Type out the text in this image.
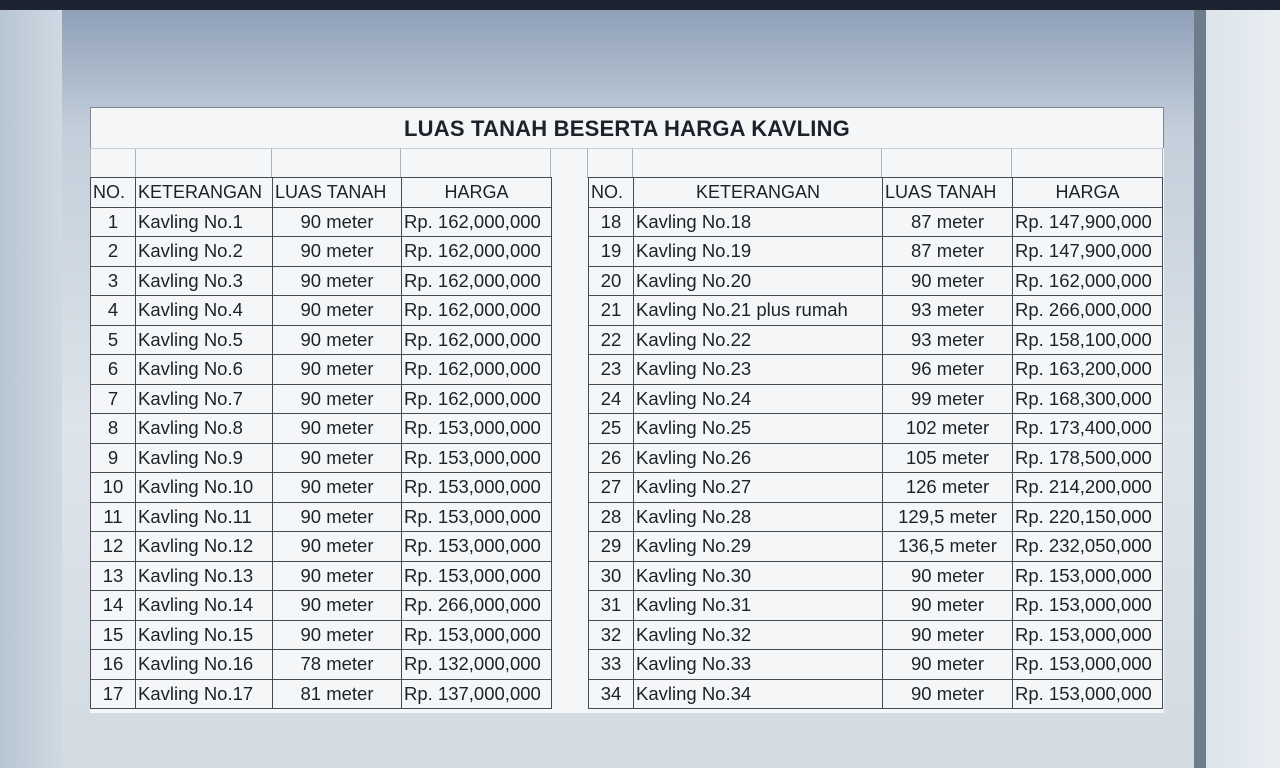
LUAS TANAH BESERTA HARGA KAVLING
NO.	KETERANGAN	LUAS TANAH	HARGA		NO.	KETERANGAN	LUAS TANAH	HARGA
1	Kavling No.1	90 meter	Rp. 162,000,000		18	Kavling No.18	87 meter	Rp. 147,900,000
2	Kavling No.2	90 meter	Rp. 162,000,000		19	Kavling No.19	87 meter	Rp. 147,900,000
3	Kavling No.3	90 meter	Rp. 162,000,000		20	Kavling No.20	90 meter	Rp. 162,000,000
4	Kavling No.4	90 meter	Rp. 162,000,000		21	Kavling No.21 plus rumah	93 meter	Rp. 266,000,000
5	Kavling No.5	90 meter	Rp. 162,000,000		22	Kavling No.22	93 meter	Rp. 158,100,000
6	Kavling No.6	90 meter	Rp. 162,000,000		23	Kavling No.23	96 meter	Rp. 163,200,000
7	Kavling No.7	90 meter	Rp. 162,000,000		24	Kavling No.24	99 meter	Rp. 168,300,000
8	Kavling No.8	90 meter	Rp. 153,000,000		25	Kavling No.25	102 meter	Rp. 173,400,000
9	Kavling No.9	90 meter	Rp. 153,000,000		26	Kavling No.26	105 meter	Rp. 178,500,000
10	Kavling No.10	90 meter	Rp. 153,000,000		27	Kavling No.27	126 meter	Rp. 214,200,000
11	Kavling No.11	90 meter	Rp. 153,000,000		28	Kavling No.28	129,5 meter	Rp. 220,150,000
12	Kavling No.12	90 meter	Rp. 153,000,000		29	Kavling No.29	136,5 meter	Rp. 232,050,000
13	Kavling No.13	90 meter	Rp. 153,000,000		30	Kavling No.30	90 meter	Rp. 153,000,000
14	Kavling No.14	90 meter	Rp. 266,000,000		31	Kavling No.31	90 meter	Rp. 153,000,000
15	Kavling No.15	90 meter	Rp. 153,000,000		32	Kavling No.32	90 meter	Rp. 153,000,000
16	Kavling No.16	78 meter	Rp. 132,000,000		33	Kavling No.33	90 meter	Rp. 153,000,000
17	Kavling No.17	81 meter	Rp. 137,000,000		34	Kavling No.34	90 meter	Rp. 153,000,000
